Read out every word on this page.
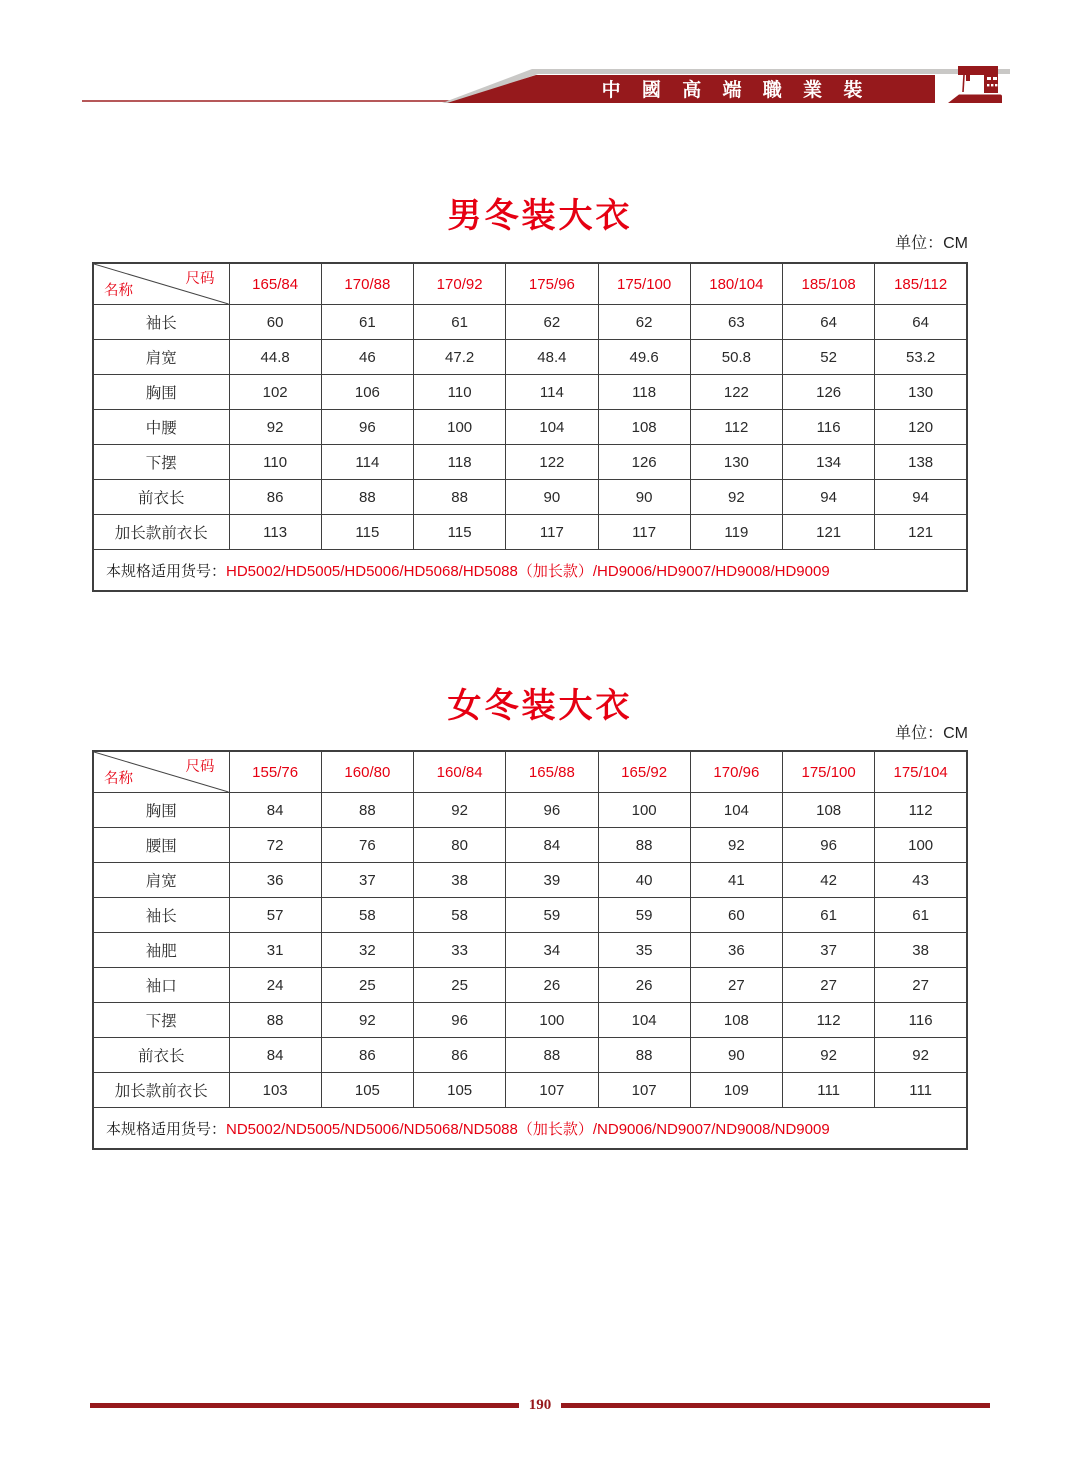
中 國 高 端 職 業 裝
男冬装大衣
单位：CM
尺码
名称	165/84	170/88	170/92	175/96	175/100	180/104	185/108	185/112
袖长	60	61	61	62	62	63	64	64
肩宽	44.8	46	47.2	48.4	49.6	50.8	52	53.2
胸围	102	106	110	114	118	122	126	130
中腰	92	96	100	104	108	112	116	120
下摆	110	114	118	122	126	130	134	138
前衣长	86	88	88	90	90	92	94	94
加长款前衣长	113	115	115	117	117	119	121	121
本规格适用货号：HD5002/HD5005/HD5006/HD5068/HD5088（加长款）/HD9006/HD9007/HD9008/HD9009								
女冬装大衣
单位：CM
尺码
名称	155/76	160/80	160/84	165/88	165/92	170/96	175/100	175/104
胸围	84	88	92	96	100	104	108	112
腰围	72	76	80	84	88	92	96	100
肩宽	36	37	38	39	40	41	42	43
袖长	57	58	58	59	59	60	61	61
袖肥	31	32	33	34	35	36	37	38
袖口	24	25	25	26	26	27	27	27
下摆	88	92	96	100	104	108	112	116
前衣长	84	86	86	88	88	90	92	92
加长款前衣长	103	105	105	107	107	109	111	111
本规格适用货号：ND5002/ND5005/ND5006/ND5068/ND5088（加长款）/ND9006/ND9007/ND9008/ND9009								
190
